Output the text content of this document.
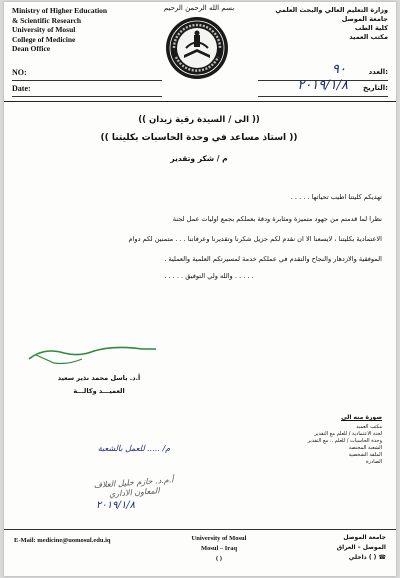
Ministry of Higher Education
& Scientific Research
University of Mosul
College of Medicine
Dean Office
وزارة التعليم العالي والبحث العلمي
جامعة الموصل
كلية الطب
مكتب العميد
بسم الله الرحمن الرحيم
NO:
Date:
:العدد
٩٠
:التاريخ
٢٠١٩/١/٨
(( الى / السيدة رقية زيدان ))
(( استاذ مساعد في وحدة الحاسبات بكليتنا ))
م / شكر وتقدير
تهديكم كليتنا اطيب تحياتها . . . . .
نظرا لما قدمتم من جهود متميزة ومثابرة ودقة بعملكم بجمع اوليات عمل لجنة
الاعتمادية بكليتنا ، لايسعنا الا ان نقدم لكم جزيل شكرنا وتقديرنا وعرفاننا . . . متمنين لكم دوام
الموفقية والازدهار والنجاح والتقدم في عملكم خدمة لمسيرتكم العلمية والعملية .
. . . . . والله ولي التوفيق . . . . .
أ.د. باسل محمد نذير سعيد
العميـــد وكالـــة
صورة منه الى
مكتب العميد
لجنة الاعتمادية / للعلم مع التقدير
وحدة الحاسبات / للعلم .. مع التقدير
الشعبة المختصة
الملفة الشخصية
الصادرة
م/ ..... للعمل بالشعبة
أ.م.د. حازم خليل العلاف
المعاون الاداري
٢٠١٩/١/٨
E-Mail: medicine@uomosul.edu.iq	University of Mosul
Mosul – Iraq
( )
جامعة الموصل
الموصل – العراق
☎ ( ) داخلي
